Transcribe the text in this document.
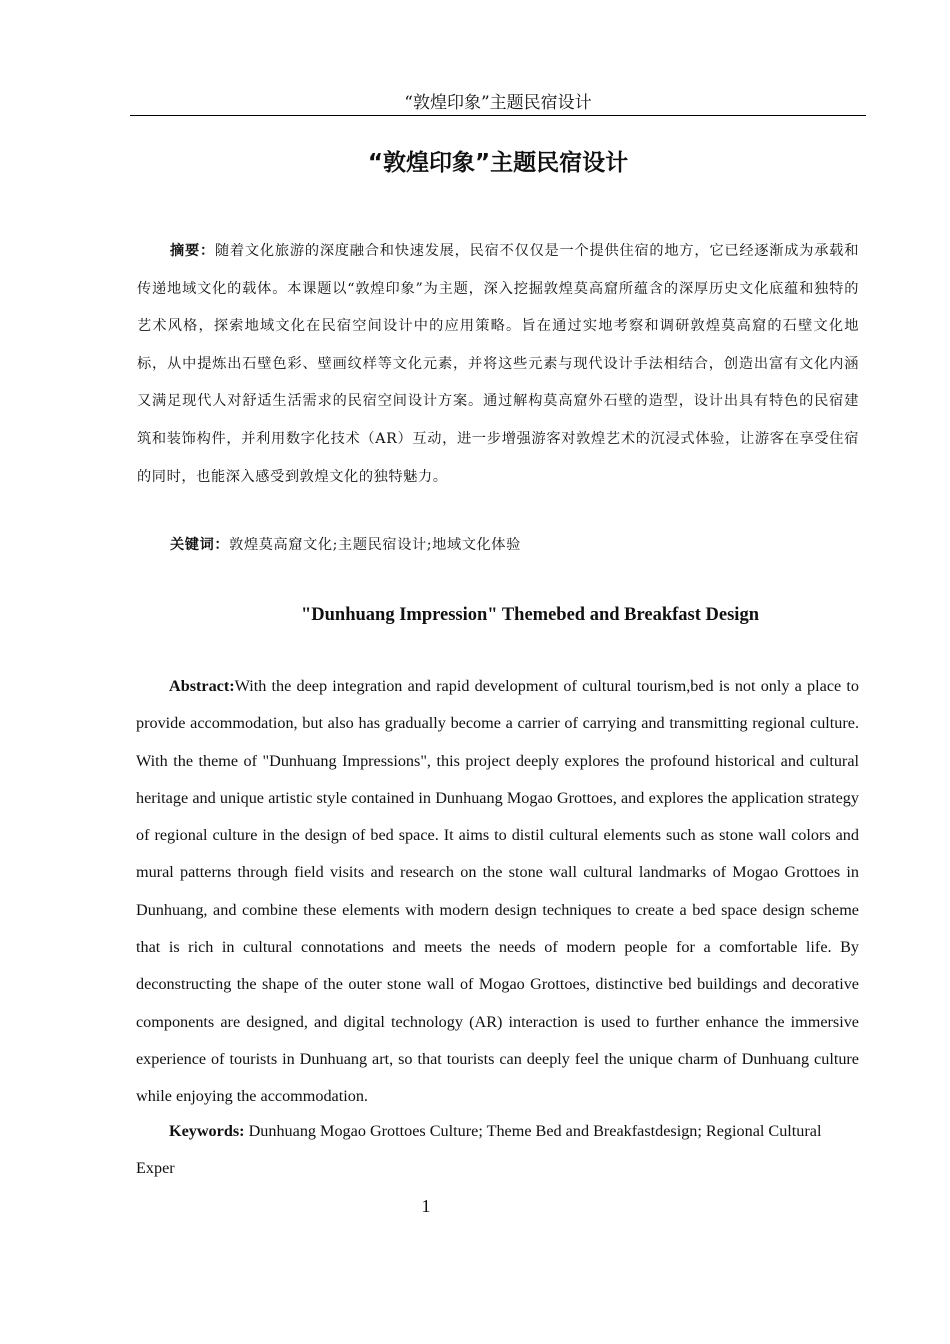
“敦煌印象”主题民宿设计
“敦煌印象”主题民宿设计
摘要：随着文化旅游的深度融合和快速发展，民宿不仅仅是一个提供住宿的地方，它已经逐渐成为承载和传递地域文化的载体。本课题以“敦煌印象”为主题，深入挖掘敦煌莫高窟所蕴含的深厚历史文化底蕴和独特的艺术风格，探索地域文化在民宿空间设计中的应用策略。旨在通过实地考察和调研敦煌莫高窟的石壁文化地标，从中提炼出石壁色彩、壁画纹样等文化元素，并将这些元素与现代设计手法相结合，创造出富有文化内涵又满足现代人对舒适生活需求的民宿空间设计方案。通过解构莫高窟外石壁的造型，设计出具有特色的民宿建筑和装饰构件，并利用数字化技术（AR）互动，进一步增强游客对敦煌艺术的沉浸式体验，让游客在享受住宿的同时，也能深入感受到敦煌文化的独特魅力。
关键词：敦煌莫高窟文化;主题民宿设计;地域文化体验
"Dunhuang Impression" Themebed and Breakfast Design
Abstract:With the deep integration and rapid development of cultural tourism,bed is not only a place to provide accommodation, but also has gradually become a carrier of carrying and transmitting regional culture. With the theme of "Dunhuang Impressions", this project deeply explores the profound historical and cultural heritage and unique artistic style contained in Dunhuang Mogao Grottoes, and explores the application strategy of regional culture in the design of bed space. It aims to distil cultural elements such as stone wall colors and mural patterns through field visits and research on the stone wall cultural landmarks of Mogao Grottoes in Dunhuang, and combine these elements with modern design techniques to create a bed space design scheme that is rich in cultural connotations and meets the needs of modern people for a comfortable life. By deconstructing the shape of the outer stone wall of Mogao Grottoes, distinctive bed buildings and decorative components are designed, and digital technology (AR) interaction is used to further enhance the immersive experience of tourists in Dunhuang art, so that tourists can deeply feel the unique charm of Dunhuang culture while enjoying the accommodation.
Keywords: Dunhuang Mogao Grottoes Culture; Theme Bed and Breakfastdesign; Regional Cultural Exper
1
